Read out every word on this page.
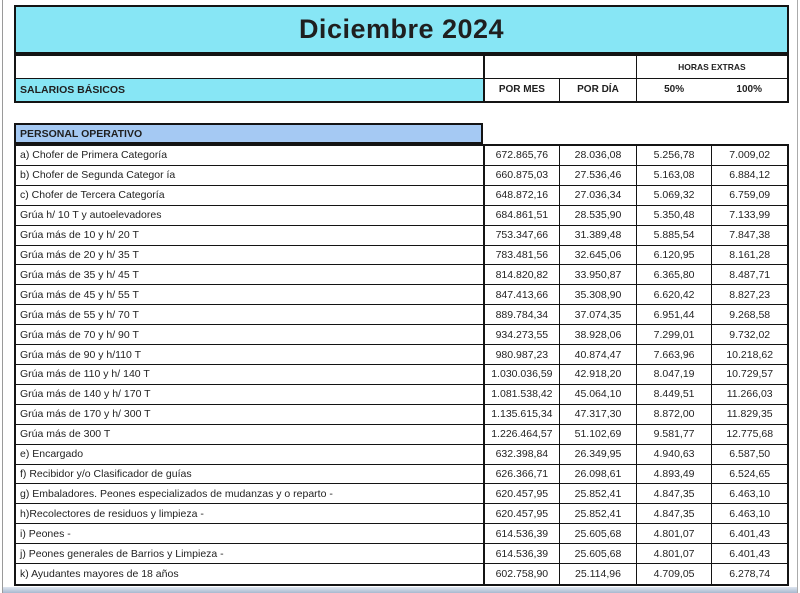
Diciembre 2024
HORAS EXTRAS
SALARIOS BÁSICOS	POR MES	POR DÍA	50%	100%
PERSONAL OPERATIVO
a) Chofer de Primera Categoría	672.865,76	28.036,08	5.256,78	7.009,02
b) Chofer de Segunda Categor ía	660.875,03	27.536,46	5.163,08	6.884,12
c) Chofer de Tercera Categoría	648.872,16	27.036,34	5.069,32	6.759,09
Grúa h/ 10 T y autoelevadores	684.861,51	28.535,90	5.350,48	7.133,99
Grúa más de 10 y h/ 20 T	753.347,66	31.389,48	5.885,54	7.847,38
Grúa más de 20 y h/ 35 T	783.481,56	32.645,06	6.120,95	8.161,28
Grúa más de 35 y h/ 45 T	814.820,82	33.950,87	6.365,80	8.487,71
Grúa más de 45 y h/ 55 T	847.413,66	35.308,90	6.620,42	8.827,23
Grúa más de 55 y h/ 70 T	889.784,34	37.074,35	6.951,44	9.268,58
Grúa más de 70 y h/ 90 T	934.273,55	38.928,06	7.299,01	9.732,02
Grúa más de 90 y h/110 T	980.987,23	40.874,47	7.663,96	10.218,62
Grúa más de 110 y h/ 140 T	1.030.036,59	42.918,20	8.047,19	10.729,57
Grúa más de 140 y h/ 170 T	1.081.538,42	45.064,10	8.449,51	11.266,03
Grúa más de 170 y h/ 300 T	1.135.615,34	47.317,30	8.872,00	11.829,35
Grúa más de 300 T	1.226.464,57	51.102,69	9.581,77	12.775,68
e) Encargado	632.398,84	26.349,95	4.940,63	6.587,50
f) Recibidor y/o Clasificador de guías	626.366,71	26.098,61	4.893,49	6.524,65
g) Embaladores. Peones especializados de mudanzas y o reparto -	620.457,95	25.852,41	4.847,35	6.463,10
h)Recolectores de residuos y limpieza -	620.457,95	25.852,41	4.847,35	6.463,10
i) Peones -	614.536,39	25.605,68	4.801,07	6.401,43
j) Peones generales de Barrios y Limpieza -	614.536,39	25.605,68	4.801,07	6.401,43
k) Ayudantes mayores de 18 años	602.758,90	25.114,96	4.709,05	6.278,74
